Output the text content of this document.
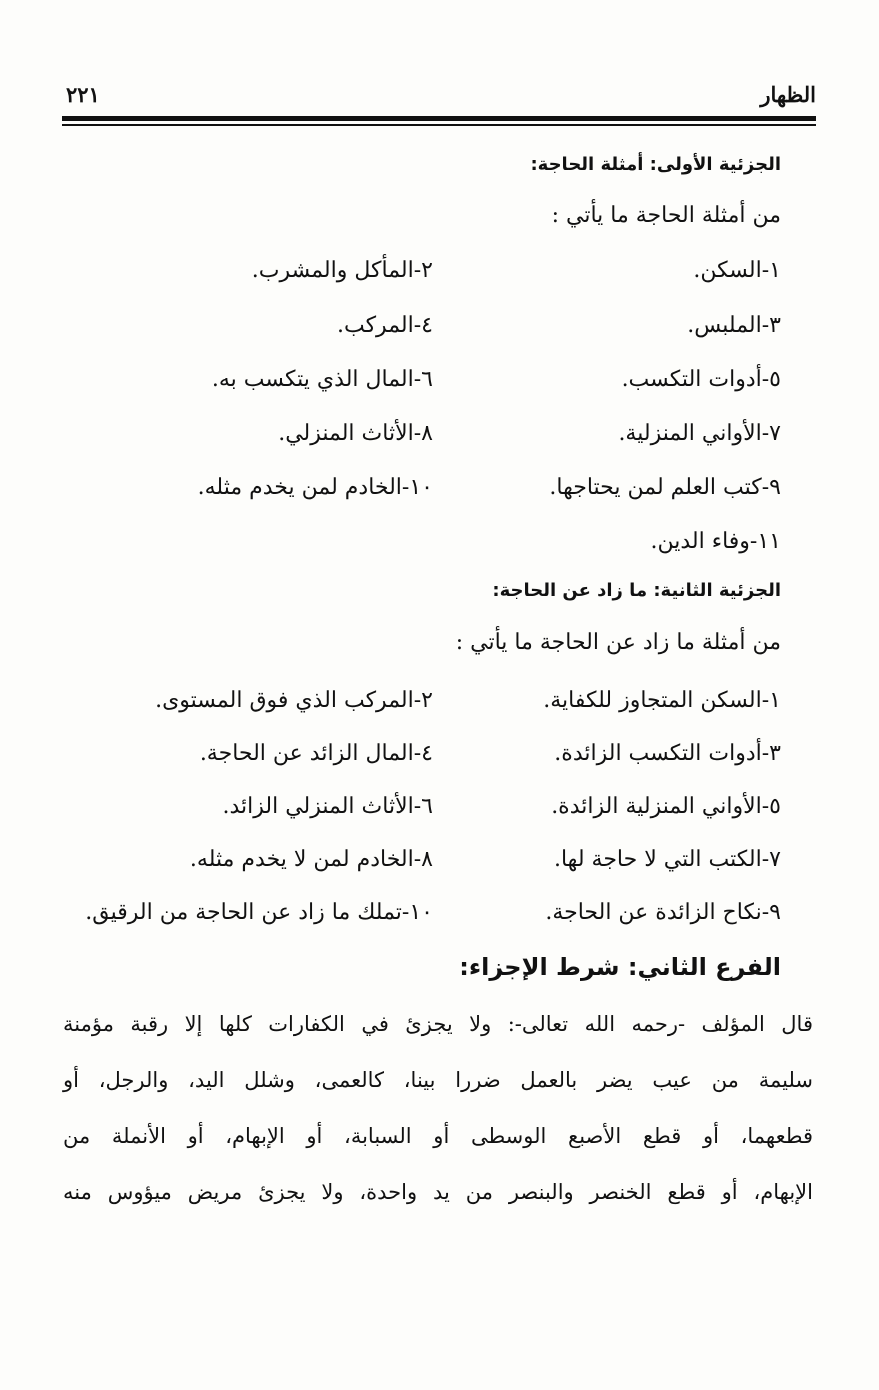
الظهار
٢٢١
الجزئية الأولى: أمثلة الحاجة:
من أمثلة الحاجة ما يأتي :
١-السكن.
٢-المأكل والمشرب.
٣-الملبس.
٤-المركب.
٥-أدوات التكسب.
٦-المال الذي يتكسب به.
٧-الأواني المنزلية.
٨-الأثاث المنزلي.
٩-كتب العلم لمن يحتاجها.
١٠-الخادم لمن يخدم مثله.
١١-وفاء الدين.
الجزئية الثانية: ما زاد عن الحاجة:
من أمثلة ما زاد عن الحاجة ما يأتي :
١-السكن المتجاوز للكفاية.
٢-المركب الذي فوق المستوى.
٣-أدوات التكسب الزائدة.
٤-المال الزائد عن الحاجة.
٥-الأواني المنزلية الزائدة.
٦-الأثاث المنزلي الزائد.
٧-الكتب التي لا حاجة لها.
٨-الخادم لمن لا يخدم مثله.
٩-نكاح الزائدة عن الحاجة.
١٠-تملك ما زاد عن الحاجة من الرقيق.
الفرع الثاني: شرط الإجزاء:
قال المؤلف -رحمه الله تعالى-: ولا يجزئ في الكفارات كلها إلا رقبة مؤمنة
سليمة من عيب يضر بالعمل ضررا بينا، كالعمى، وشلل اليد، والرجل، أو
قطعهما، أو قطع الأصبع الوسطى أو السبابة، أو الإبهام، أو الأنملة من
الإبهام، أو قطع الخنصر والبنصر من يد واحدة، ولا يجزئ مريض ميؤوس منه
